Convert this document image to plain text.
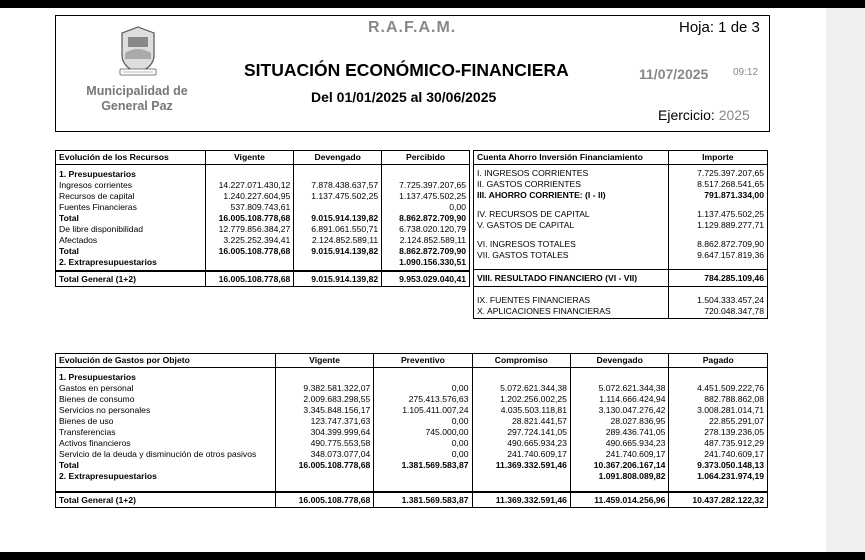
Municipalidad de General Paz
R.A.F.A.M.	Hoja: 1 de 3
SITUACIÓN ECONÓMICO-FINANCIERA	11/07/2025 09:12
Del 01/01/2025 al 30/06/2025
Ejercicio: 2025
Evolución de los Recursos	Vigente	Devengado	Percibido
1. Presupuestarios			
Ingresos corrientes	14.227.071.430,12	7.878.438.637,57	7.725.397.207,65
Recursos de capital	1.240.227.604,95	1.137.475.502,25	1.137.475.502,25
Fuentes Financieras	537.809.743,61		0,00
Total	16.005.108.778,68	9.015.914.139,82	8.862.872.709,90
De libre disponibilidad	12.779.856.384,27	6.891.061.550,71	6.738.020.120,79
Afectados	3.225.252.394,41	2.124.852.589,11	2.124.852.589,11
Total	16.005.108.778,68	9.015.914.139,82	8.862.872.709,90
2. Extrapresupuestarios			1.090.156.330,51
Total General (1+2)	16.005.108.778,68	9.015.914.139,82	9.953.029.040,41
Cuenta Ahorro Inversión Financiamiento	Importe
I. INGRESOS CORRIENTES	7.725.397.207,65
II. GASTOS CORRIENTES	8.517.268.541,65
III. AHORRO CORRIENTE: (I - II)	791.871.334,00

IV. RECURSOS DE CAPITAL	1.137.475.502,25
V. GASTOS DE CAPITAL	1.129.889.277,71

VI. INGRESOS TOTALES	8.862.872.709,90
VII. GASTOS TOTALES	9.647.157.819,36

VIII. RESULTADO FINANCIERO (VI - VII)	784.285.109,46

IX. FUENTES FINANCIERAS	1.504.333.457,24
X. APLICACIONES FINANCIERAS	720.048.347,78
Evolución de Gastos por Objeto	Vigente	Preventivo	Compromiso	Devengado	Pagado
1. Presupuestarios					
Gastos en personal	9.382.581.322,07	0,00	5.072.621.344,38	5.072.621.344,38	4.451.509.222,76
Bienes de consumo	2.009.683.298,55	275.413.576,63	1.202.256.002,25	1.114.666.424,94	882.788.862,08
Servicios no personales	3.345.848.156,17	1.105.411.007,24	4.035.503.118,81	3.130.047.276,42	3.008.281.014,71
Bienes de uso	123.747.371,63	0,00	28.821.441,57	28.027.836,95	22.855.291,07
Transferencias	304.399.999,64	745.000,00	297.724.141,05	289.436.741,05	278.139.236,05
Activos financieros	490.775.553,58	0,00	490.665.934,23	490.665.934,23	487.735.912,29
Servicio de la deuda y disminución de otros pasivos	348.073.077,04	0,00	241.740.609,17	241.740.609,17	241.740.609,17
Total	16.005.108.778,68	1.381.569.583,87	11.369.332.591,46	10.367.206.167,14	9.373.050.148,13
2. Extrapresupuestarios				1.091.808.089,82	1.064.231.974,19
Total General (1+2)	16.005.108.778,68	1.381.569.583,87	11.369.332.591,46	11.459.014.256,96	10.437.282.122,32
